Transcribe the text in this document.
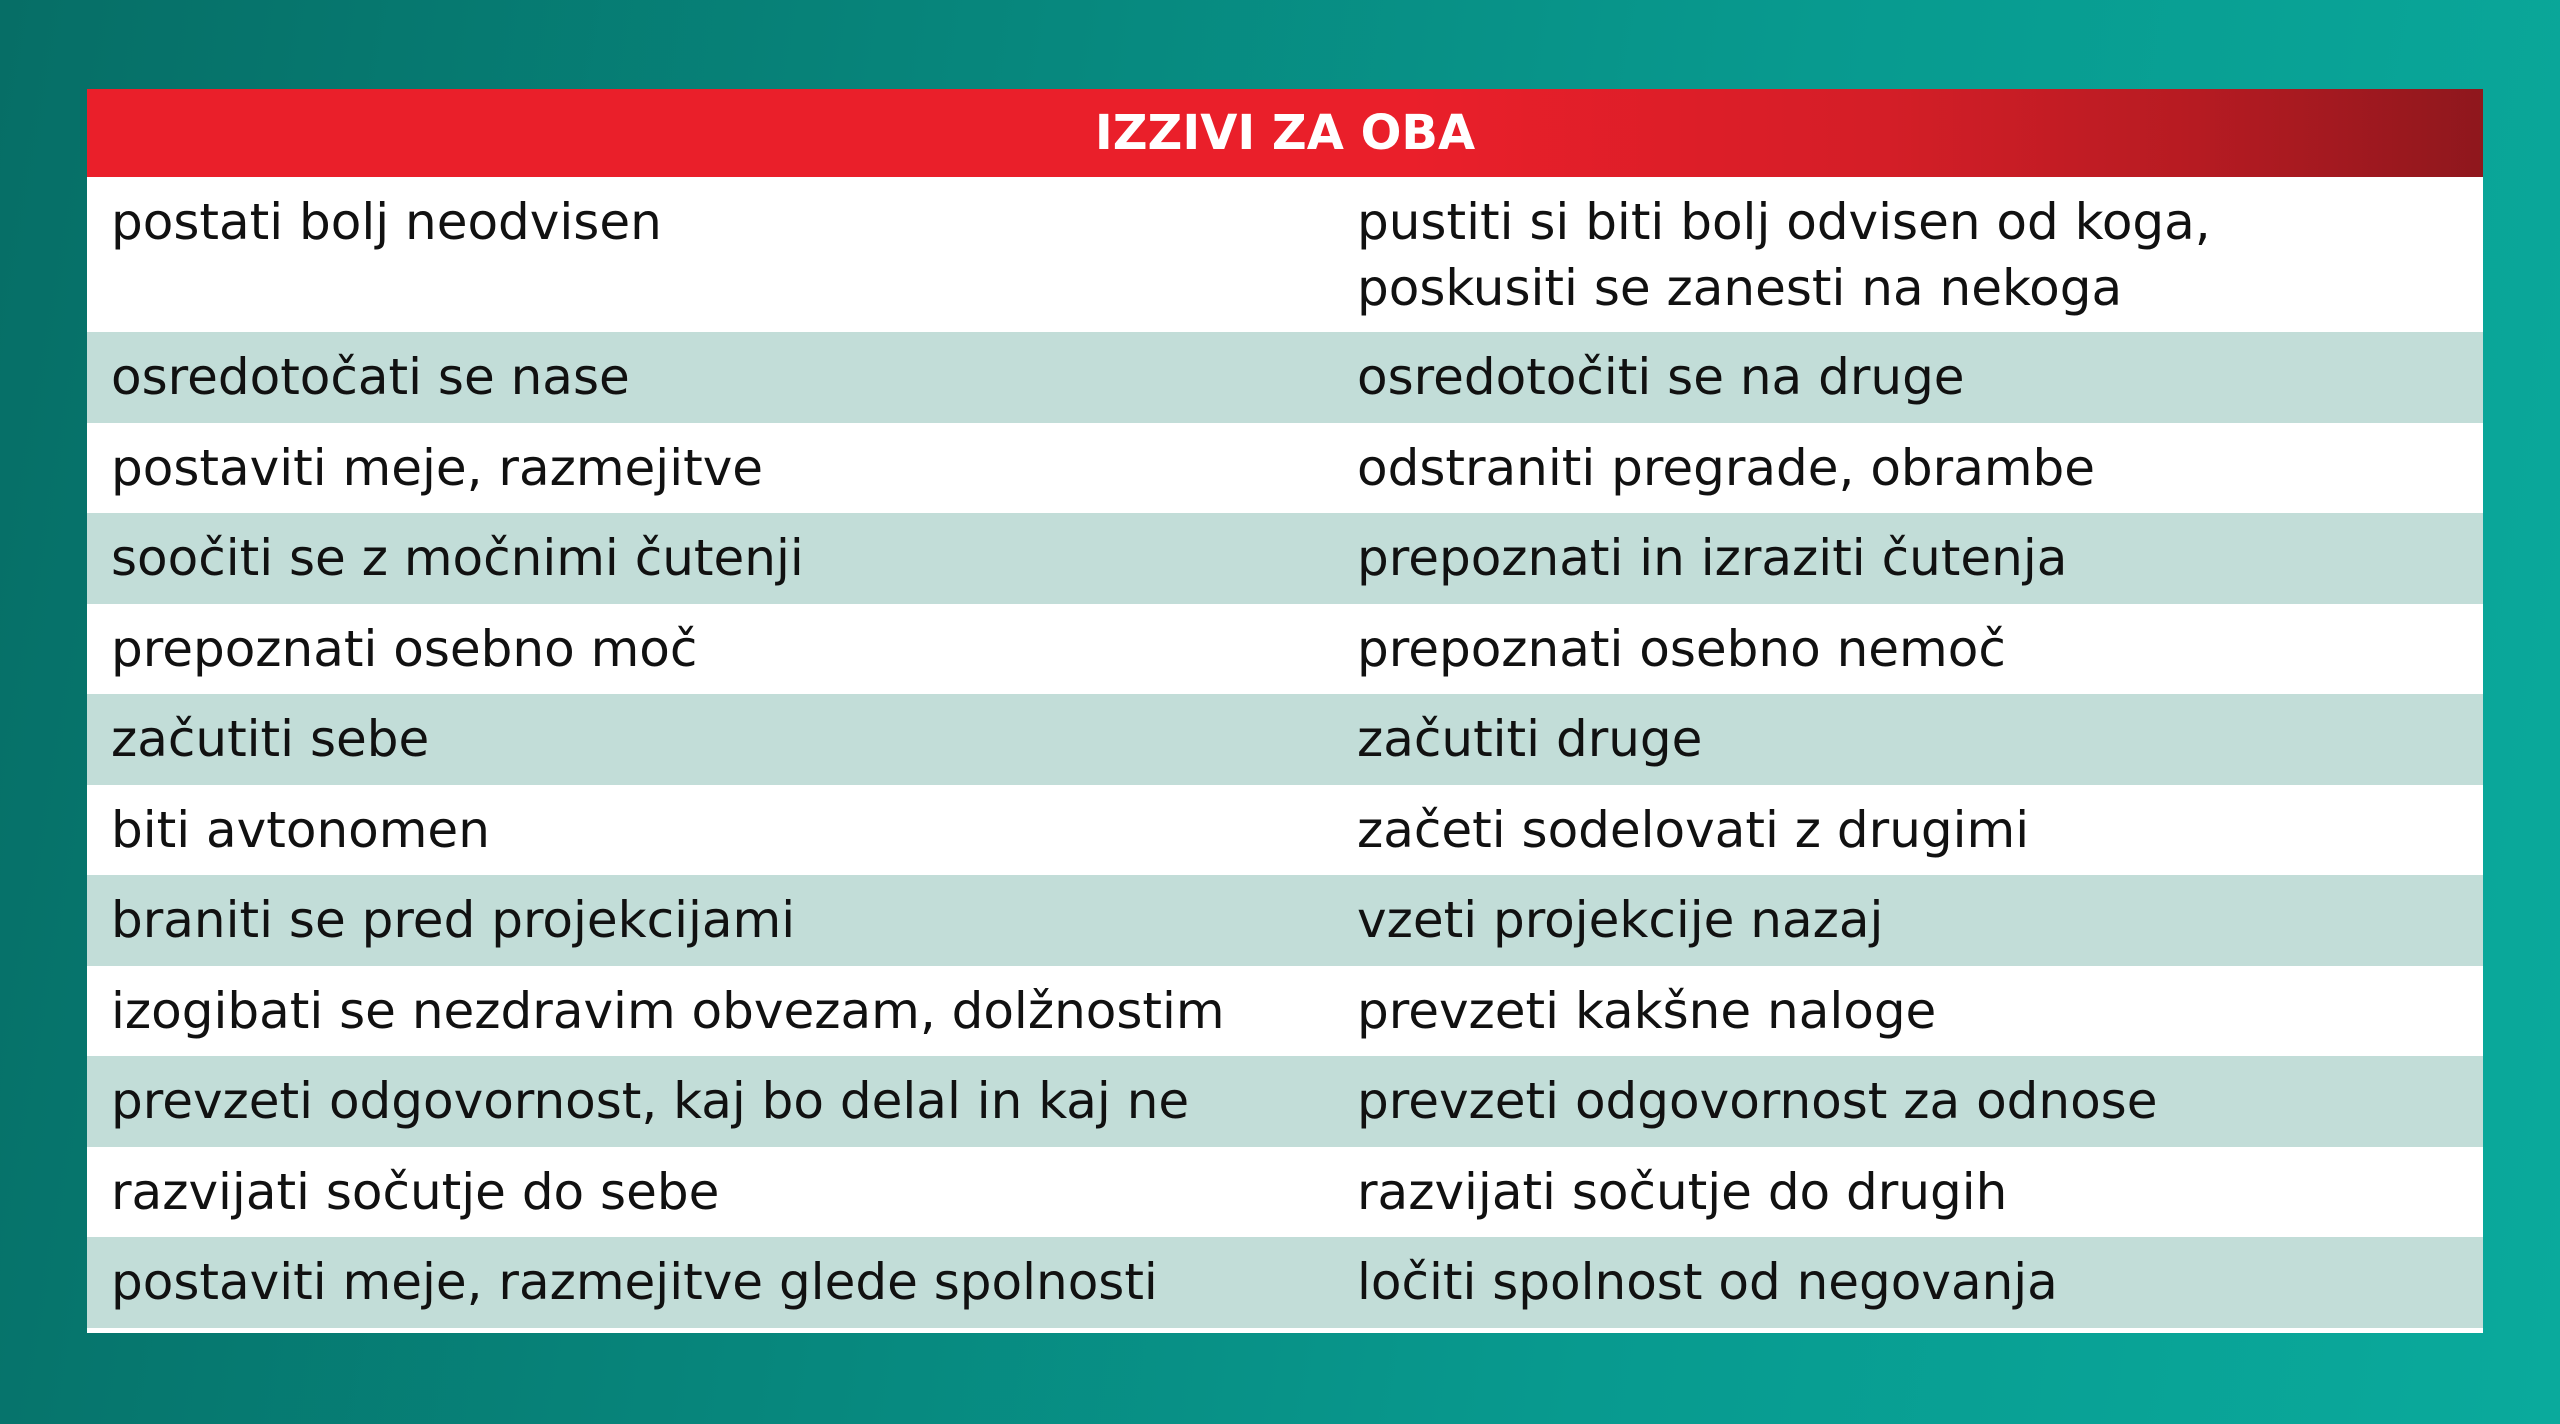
IZZIVI ZA OBA
postati bolj neodvisen	pustiti si biti bolj odvisen od koga,
poskusiti se zanesti na nekoga
osredotočati se nase	osredotočiti se na druge
postaviti meje, razmejitve	odstraniti pregrade, obrambe
soočiti se z močnimi čutenji	prepoznati in izraziti čutenja
prepoznati osebno moč	prepoznati osebno nemoč
začutiti sebe	začutiti druge
biti avtonomen	začeti sodelovati z drugimi
braniti se pred projekcijami	vzeti projekcije nazaj
izogibati se nezdravim obvezam, dolžnostim	prevzeti kakšne naloge
prevzeti odgovornost, kaj bo delal in kaj ne	prevzeti odgovornost za odnose
razvijati sočutje do sebe	razvijati sočutje do drugih
postaviti meje, razmejitve glede spolnosti	ločiti spolnost od negovanja
